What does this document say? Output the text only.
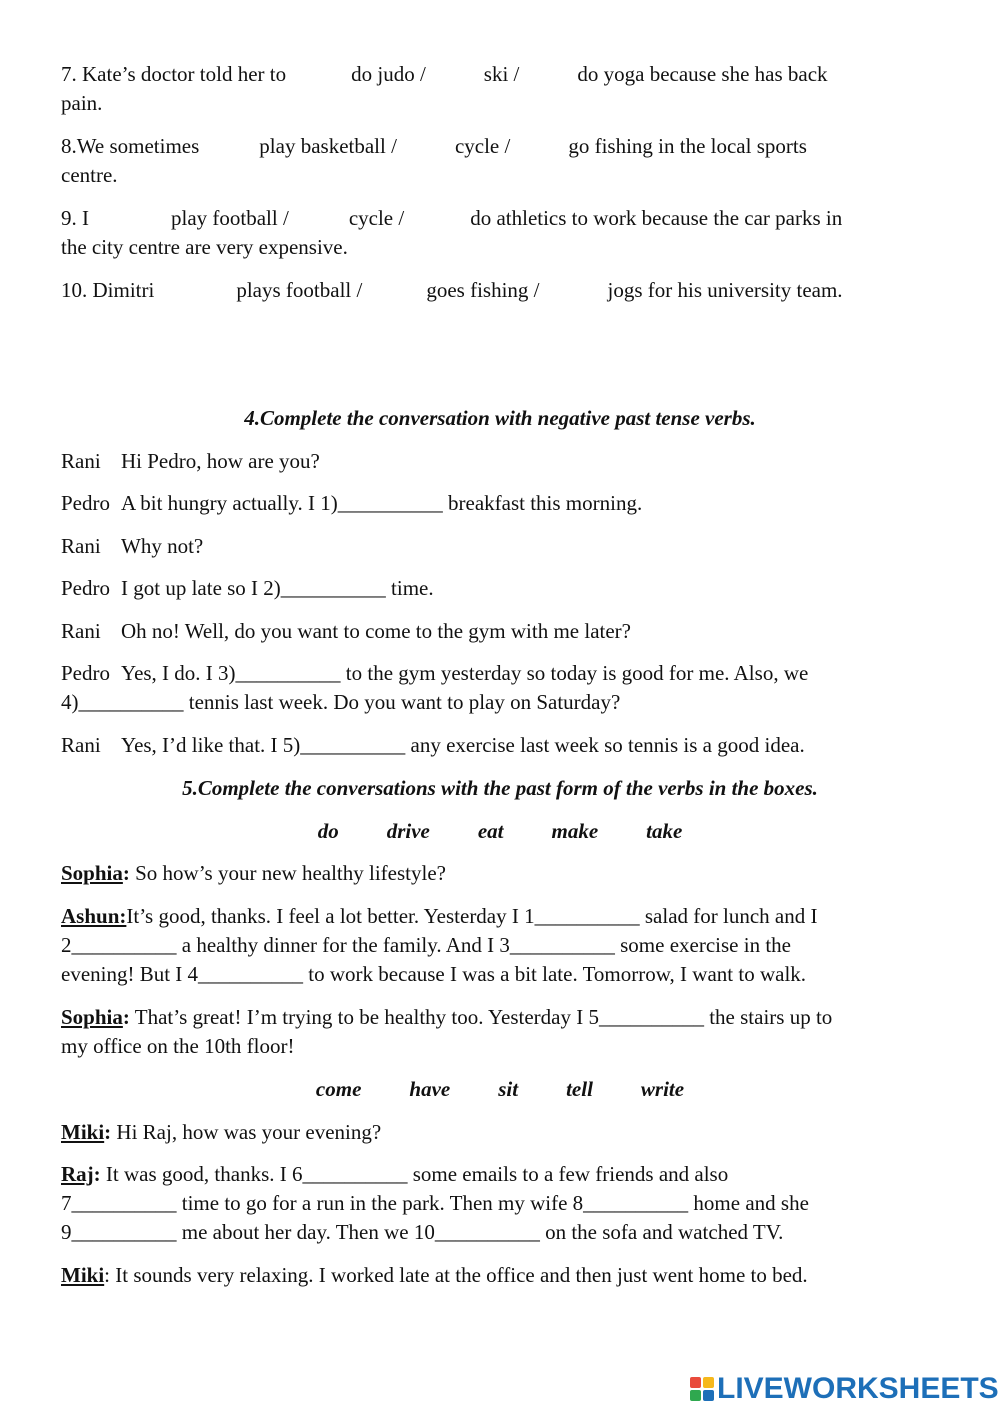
7. Kate’s doctor told her to	do judo /	ski /	do yoga because she has back
pain.
8.We sometimes	play basketball /	cycle /	go fishing in the local sports
centre.
9. I	play football /	cycle /	do athletics to work because the car parks in
the city centre are very expensive.
10. Dimitri	plays football /	goes fishing /	jogs for his university team.
4.Complete the conversation with negative past tense verbs.
Rani Hi Pedro, how are you?
Pedro A bit hungry actually. I 1)__________ breakfast this morning.
Rani Why not?
Pedro I got up late so I 2)__________ time.
Rani Oh no! Well, do you want to come to the gym with me later?
Pedro Yes, I do. I 3)__________ to the gym yesterday so today is good for me. Also, we
4)__________ tennis last week. Do you want to play on Saturday?
Rani Yes, I’d like that. I 5)__________ any exercise last week so tennis is a good idea.
5.Complete the conversations with the past form of the verbs in the boxes.
do drive eat make take
Sophia: So how’s your new healthy lifestyle?
Ashun:It’s good, thanks. I feel a lot better. Yesterday I 1__________ salad for lunch and I
2__________ a healthy dinner for the family. And I 3__________ some exercise in the
evening! But I 4__________ to work because I was a bit late. Tomorrow, I want to walk.
Sophia: That’s great! I’m trying to be healthy too. Yesterday I 5__________ the stairs up to
my office on the 10th floor!
come have sit tell write
Miki: Hi Raj, how was your evening?
Raj: It was good, thanks. I 6__________ some emails to a few friends and also
7__________ time to go for a run in the park. Then my wife 8__________ home and she
9__________ me about her day. Then we 10__________ on the sofa and watched TV.
Miki: It sounds very relaxing. I worked late at the office and then just went home to bed.
LIVEWORKSHEETS
